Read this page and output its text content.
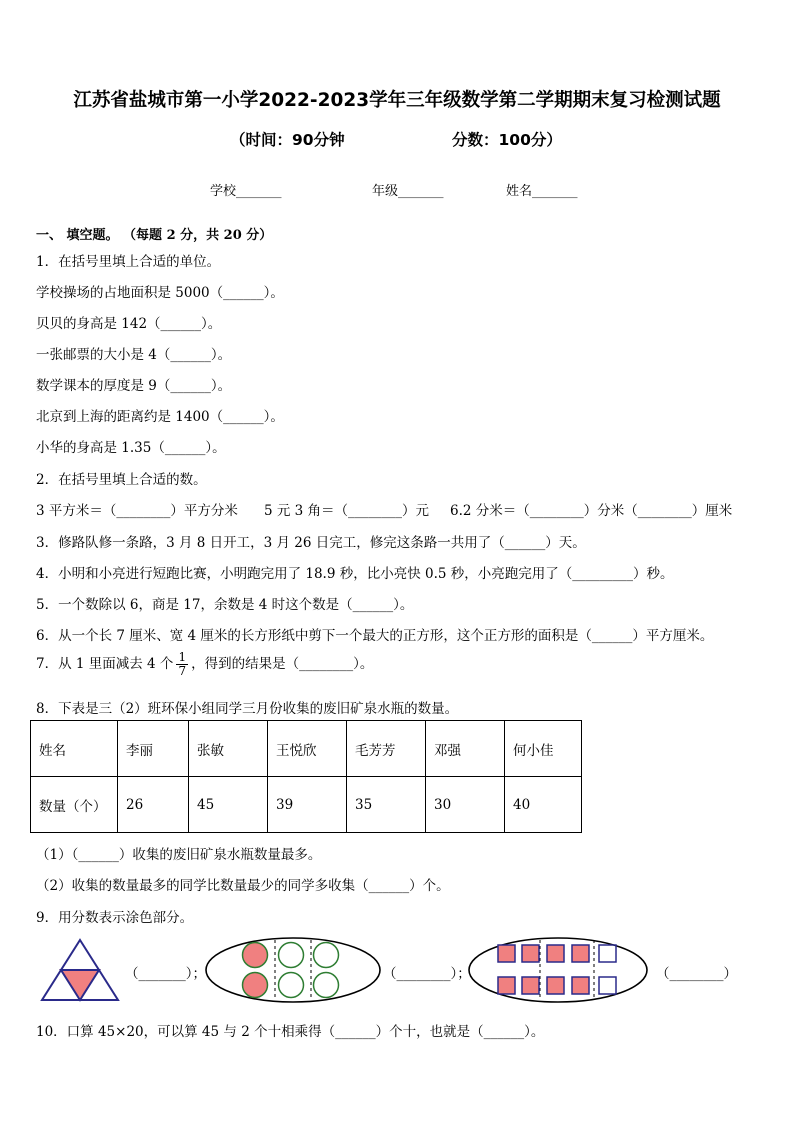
江苏省盐城市第一小学2022-2023学年三年级数学第二学期期末复习检测试题
（时间：90分钟	分数：100分）
学校_______	年级_______	姓名_______
一、 填空题。 （每题 2 分，共 20 分）
1．在括号里填上合适的单位。
学校操场的占地面积是 5000（______）。
贝贝的身高是 142（______）。
一张邮票的大小是 4（______）。
数学课本的厚度是 9（______）。
北京到上海的距离约是 1400（______）。
小华的身高是 1.35（______）。
2．在括号里填上合适的数。
3 平方米＝（________）平方分米 5 元 3 角＝（________）元 6.2 分米＝（________）分米（________）厘米
3．修路队修一条路，3 月 8 日开工，3 月 26 日完工，修完这条路一共用了（______）天。
4．小明和小亮进行短跑比赛，小明跑完用了 18.9 秒，比小亮快 0.5 秒，小亮跑完用了（_________）秒。
5．一个数除以 6，商是 17，余数是 4 时这个数是（______）。
6．从一个长 7 厘米、宽 4 厘米的长方形纸中剪下一个最大的正方形，这个正方形的面积是（______）平方厘米。
7．从 1 里面减去 4 个 $\frac{1}{7}$ ，得到的结果是（________）。
8．下表是三（2）班环保小组同学三月份收集的废旧矿泉水瓶的数量。
姓名	李丽	张敏	王悦欣	毛芳芳	邓强	何小佳
数量（个）	26	45	39	35	30	40
（1）（______）收集的废旧矿泉水瓶数量最多。
（2）收集的数量最多的同学比数量最少的同学多收集（______）个。
9．用分数表示涂色部分。
（_______）；	（________）；	（________）
10．口算 45×20，可以算 45 与 2 个十相乘得（______）个十，也就是（______）。
